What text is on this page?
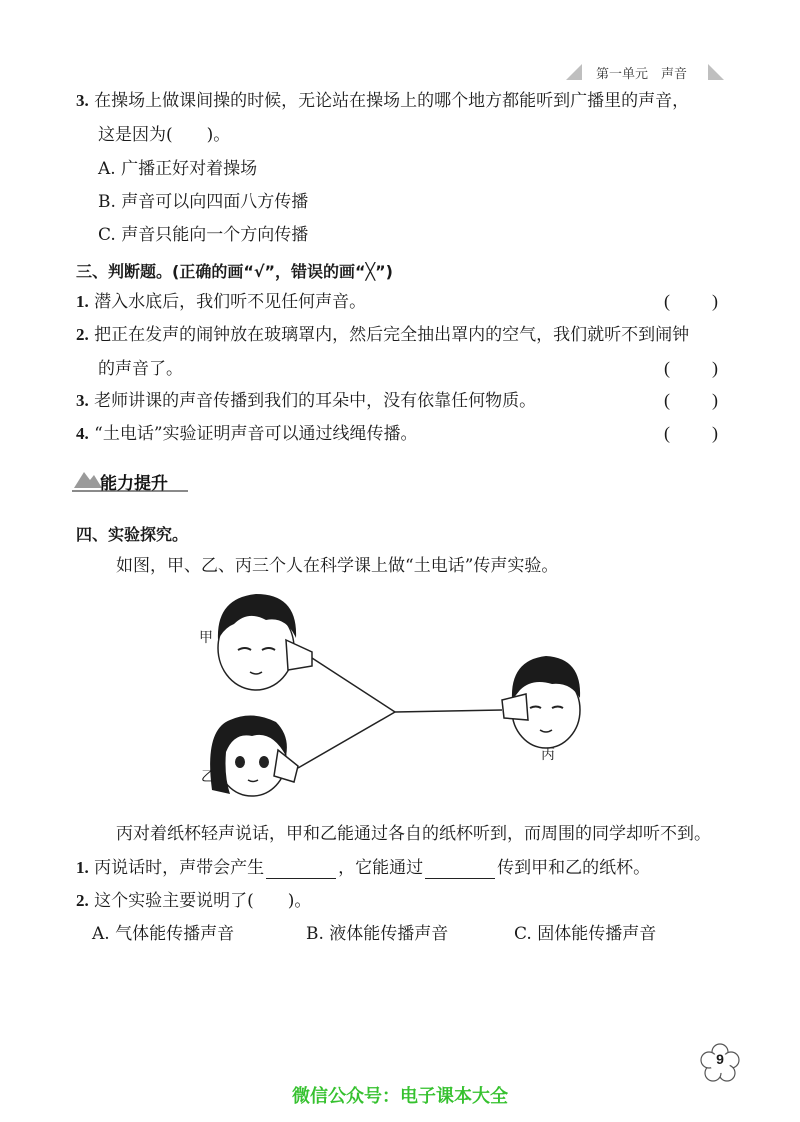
第一单元　声音
3. 在操场上做课间操的时候，无论站在操场上的哪个地方都能听到广播里的声音，
这是因为(　　)。
A. 广播正好对着操场
B. 声音可以向四面八方传播
C. 声音只能向一个方向传播
三、判断题。(正确的画“√”，错误的画“╳”)
1. 潜入水底后，我们听不见任何声音。	(　　)
2. 把正在发声的闹钟放在玻璃罩内，然后完全抽出罩内的空气，我们就听不到闹钟
的声音了。	(　　)
3. 老师讲课的声音传播到我们的耳朵中，没有依靠任何物质。	(　　)
4. “土电话”实验证明声音可以通过线绳传播。	(　　)
能力提升
四、实验探究。
如图，甲、乙、丙三个人在科学课上做“土电话”传声实验。
甲
乙
丙
丙对着纸杯轻声说话，甲和乙能通过各自的纸杯听到，而周围的同学却听不到。
1. 丙说话时，声带会产生	，它能通过	传到甲和乙的纸杯。
2. 这个实验主要说明了(　　)。
A. 气体能传播声音	B. 液体能传播声音	C. 固体能传播声音
9
微信公众号：电子课本大全
